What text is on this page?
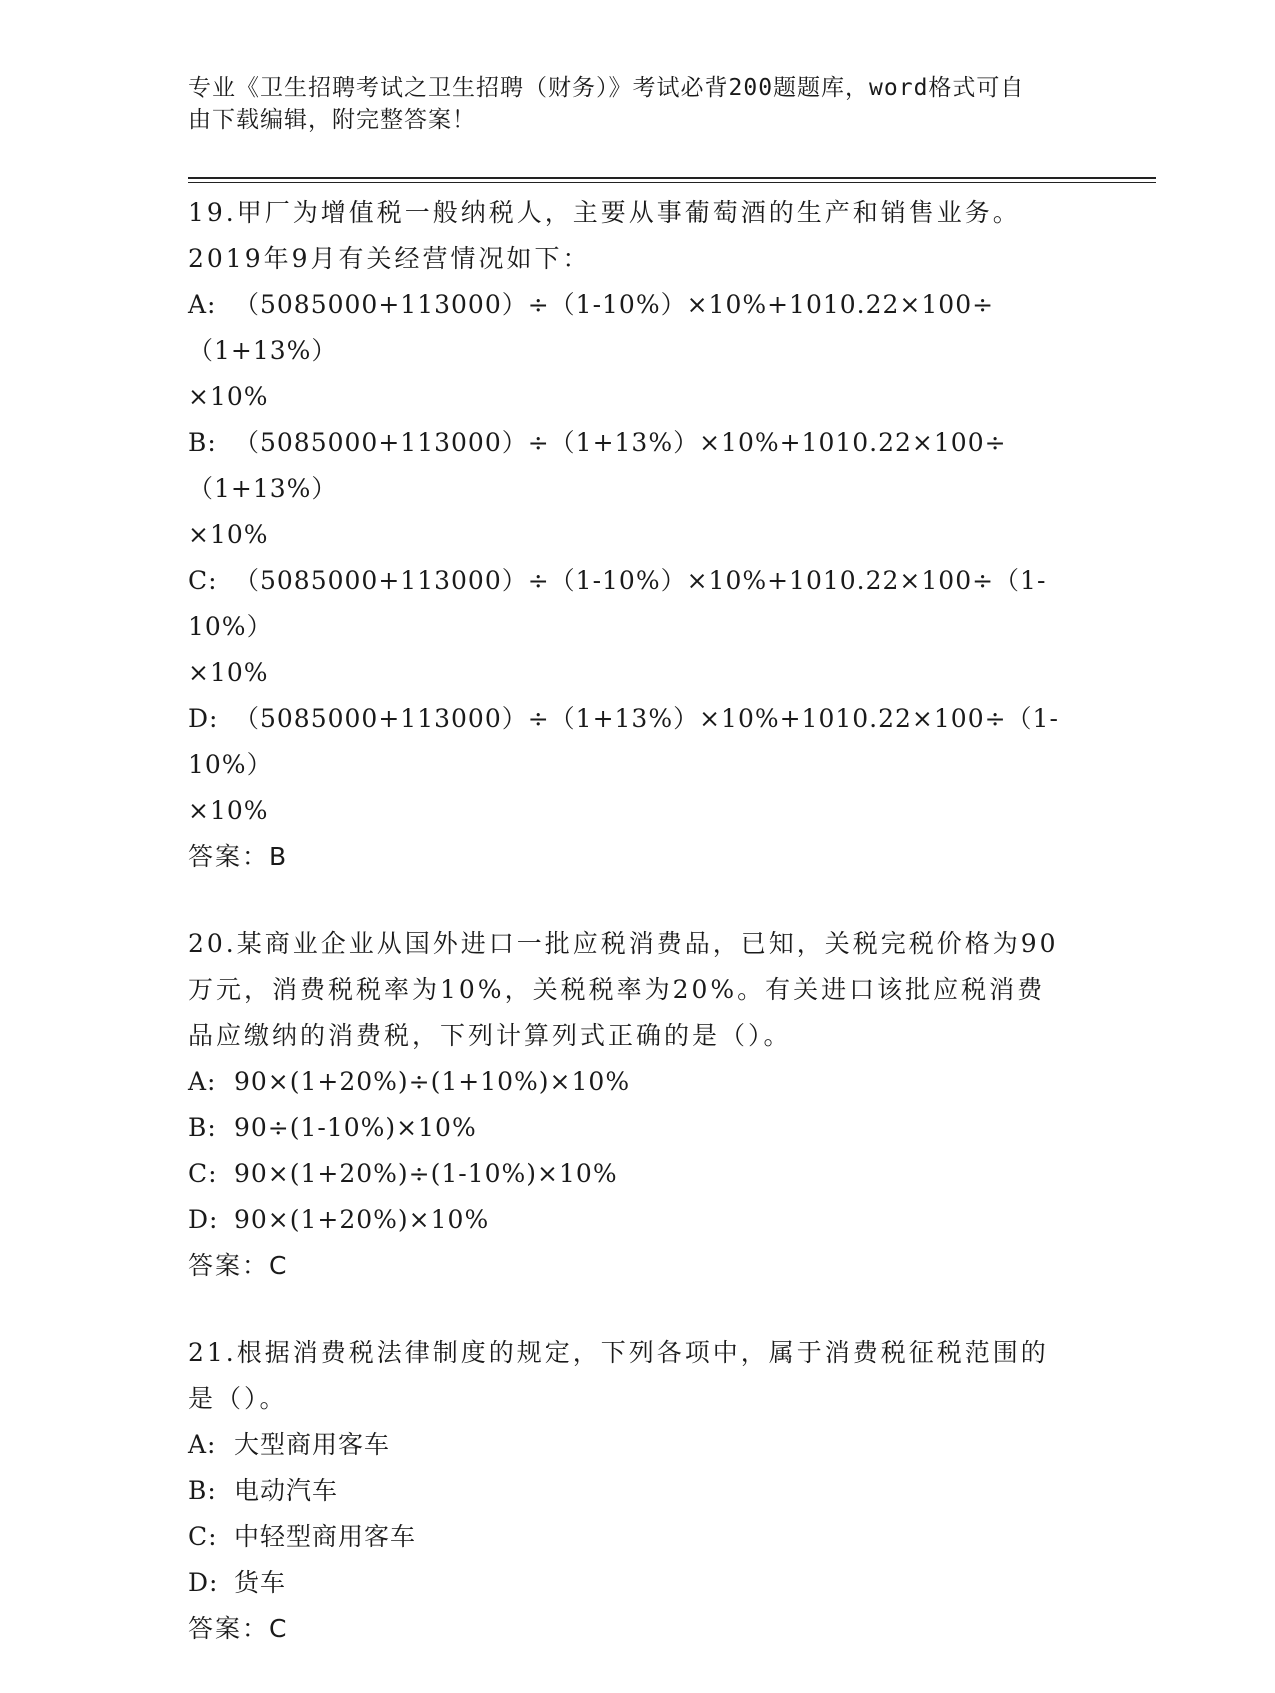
专业《卫生招聘考试之卫生招聘（财务）》考试必背200题题库，word格式可自
由下载编辑，附完整答案！

19.甲厂为增值税一般纳税人，主要从事葡萄酒的生产和销售业务。

2019年9月有关经营情况如下：

A: （5085000+113000）÷（1-10%）×10%+1010.22×100÷（1+13%）
×10%
B: （5085000+113000）÷（1+13%）×10%+1010.22×100÷（1+13%）
×10%
C: （5085000+113000）÷（1-10%）×10%+1010.22×100÷（1-10%）
×10%
D: （5085000+113000）÷（1+13%）×10%+1010.22×100÷（1-10%）
×10%

答案：B

20.某商业企业从国外进口一批应税消费品，已知，关税完税价格为90

万元，消费税税率为10%，关税税率为20%。有关进口该批应税消费

品应缴纳的消费税，下列计算列式正确的是（）。

A: 90×(1+20%)÷(1+10%)×10%
B: 90÷(1-10%)×10%
C: 90×(1+20%)÷(1-10%)×10%
D: 90×(1+20%)×10%

答案：C

21.根据消费税法律制度的规定，下列各项中，属于消费税征税范围的

是（）。

A: 大型商用客车
B: 电动汽车
C: 中轻型商用客车
D: 货车

答案：C
